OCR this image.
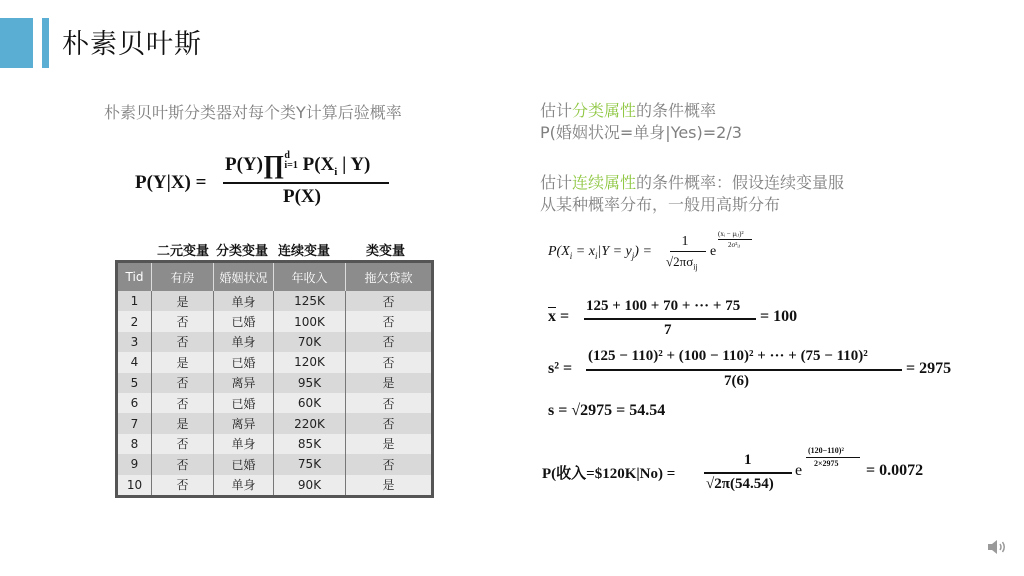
朴素贝叶斯
朴素贝叶斯分类器对每个类Y计算后验概率
P(Y|X) =
P(Y)∏d
i=1 $P(X_i$ | Y)
P(X)
二元变量 分类变量 连续变量	类变量
Tid	有房	婚姻状况	年收入	拖欠贷款
1	是	单身	125K	否
2	否	已婚	100K	否
3	否	单身	70K	否
4	是	已婚	120K	否
5	否	离异	95K	是
6	否	已婚	60K	否
7	是	离异	220K	否
8	否	单身	85K	是
9	否	已婚	75K	否
10	否	单身	90K	是
估计分类属性的条件概率
P(婚姻状况=单身|Yes)=2/3
估计连续属性的条件概率：假设连续变量服
从某种概率分布，一般用高斯分布
$P(X_i = x_i|Y = y_j)$ =
1
$√2\pi\sigma_{ij}$
e
(xᵢ − μᵢⱼ)²
2σ²ᵢⱼ
$\overline{x}$ =
125 + 100 + 70 + ··· + 75
7
= 100
s² =
(125 − 110)² + (100 − 110)² + ··· + (75 − 110)²
7(6)
= 2975
s = √2975 = 54.54
P(收入=$120K|No) =
1
√2π(54.54)
e
(120−110)²
2×2975 = 0.0072
